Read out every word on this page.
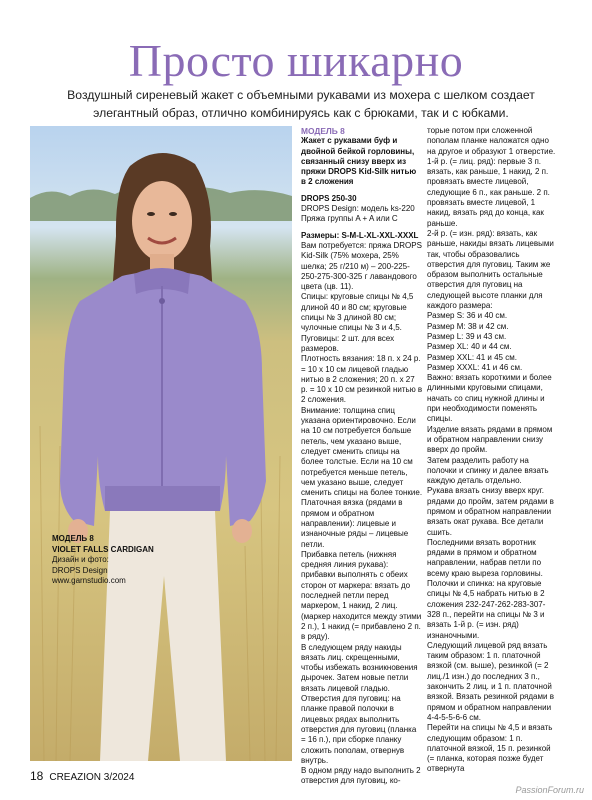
Просто шикарно
Воздушный сиреневый жакет с объемными рукавами из мохера с шелком создает элегантный образ, отлично комбинируясь как с брюками, так и с юбками.
МОДЕЛЬ 8
VIOLET FALLS CARDIGAN
Дизайн и фото:
DROPS Design
www.garnstudio.com

МОДЕЛЬ 8

Жакет с рукавами буф и двойной бейкой горловины, связанный снизу вверх из пряжи DROPS Kid-Silk нитью в 2 сложения

DROPS 250-30

DROPS Design: модель ks-220

Пряжа группы A + A или C

Размеры: S-M-L-XL-XXL-XXXL

Вам потребуется: пряжа DROPS Kid-Silk (75% мохера, 25% шелка; 25 г/210 м) – 200-225-250-275-300-325 г лавандового цвета (цв. 11).

Спицы: круговые спицы № 4,5 длиной 40 и 80 см; круговые спицы № 3 длиной 80 см; чулочные спицы № 3 и 4,5.

Пуговицы: 2 шт. для всех размеров.

Плотность вязания: 18 п. x 24 р. = 10 x 10 см лицевой гладью нитью в 2 сложения; 20 п. x 27 р. = 10 x 10 см резинкой нитью в 2 сложения.

Внимание: толщина спиц указана ориентировочно. Если на 10 см потребуется больше петель, чем указано выше, следует сменить спицы на более толстые. Если на 10 см потребуется меньше петель, чем указано выше, следует сменить спицы на более тонкие.

Платочная вязка (рядами в прямом и обратном направлении): лицевые и изнаночные ряды – лицевые петли.

Прибавка петель (нижняя средняя линия рукава): прибавки выполнять с обеих сторон от маркера: вязать до последней петли перед маркером, 1 накид, 2 лиц. (маркер находится между этими 2 п.), 1 накид (= прибавлено 2 п. в ряду).

В следующем ряду накиды вязать лиц. скрещенными, чтобы избежать возникновения дырочек. Затем новые петли вязать лицевой гладью.

Отверстия для пуговиц: на планке правой полочки в лицевых рядах выполнить отверстия для пуговиц (планка = 16 п.), при сборке планку сложить пополам, отвернув внутрь.

В одном ряду надо выполнить 2 отверстия для пуговиц, ко-

торые потом при сложенной пополам планке наложатся одно на другое и образуют 1 отверстие.

1-й р. (= лиц. ряд): первые 3 п. вязать, как раньше, 1 накид, 2 п. провязать вместе лицевой, следующие 6 п., как раньше. 2 п. провязать вместе лицевой, 1 накид, вязать ряд до конца, как раньше.

2-й р. (= изн. ряд): вязать, как раньше, накиды вязать лицевыми так, чтобы образовались отверстия для пуговиц. Таким же образом выполнить остальные отверстия для пуговиц на следующей высоте планки для каждого размера:

Размер S: 36 и 40 см.

Размер M: 38 и 42 см.

Размер L: 39 и 43 см.

Размер XL: 40 и 44 см.

Размер XXL: 41 и 45 см.

Размер XXXL: 41 и 46 см.

Важно: вязать короткими и более длинными круговыми спицами, начать со спиц нужной длины и при необходимости поменять спицы.

Изделие вязать рядами в прямом и обратном направлении снизу вверх до пройм.

Затем разделить работу на полочки и спинку и далее вязать каждую деталь отдельно.

Рукава вязать снизу вверх круг. рядами до пройм, затем рядами в прямом и обратном направлении вязать окат рукава. Все детали сшить.

Последними вязать воротник рядами в прямом и обратном направлении, набрав петли по всему краю выреза горловины.

Полочки и спинка: на круговые спицы № 4,5 набрать нитью в 2 сложения 232-247-262-283-307-328 п., перейти на спицы № 3 и вязать 1-й р. (= изн. ряд) изнаночными.

Следующий лицевой ряд вязать таким образом: 1 п. платочной вязкой (см. выше), резинкой (= 2 лиц./1 изн.) до последних 3 п., закончить 2 лиц. и 1 п. платочной вязкой. Вязать резинкой рядами в прямом и обратном направлении 4-4-5-5-6-6 см.

Перейти на спицы № 4,5 и вязать следующим образом: 1 п. платочной вязкой, 15 п. резинкой (= планка, которая позже будет отвернута

18 CREAZION 3/2024
PassionForum.ru
